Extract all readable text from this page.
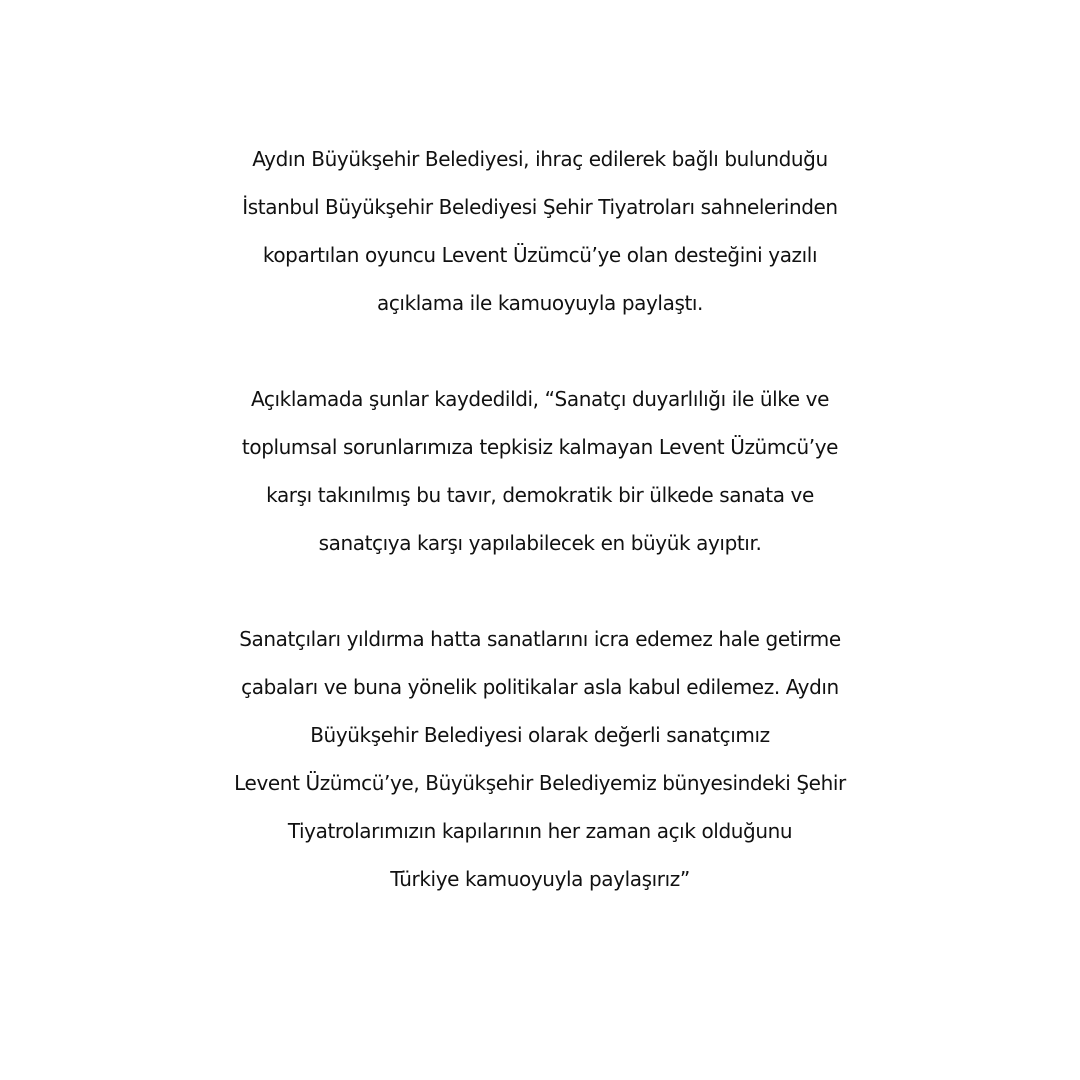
Aydın Büyükşehir Belediyesi, ihraç edilerek bağlı bulunduğu
İstanbul Büyükşehir Belediyesi Şehir Tiyatroları sahnelerinden
kopartılan oyuncu Levent Üzümcü’ye olan desteğini yazılı
açıklama ile kamuoyuyla paylaştı.
Açıklamada şunlar kaydedildi, “Sanatçı duyarlılığı ile ülke ve
toplumsal sorunlarımıza tepkisiz kalmayan Levent Üzümcü’ye
karşı takınılmış bu tavır, demokratik bir ülkede sanata ve
sanatçıya karşı yapılabilecek en büyük ayıptır.
Sanatçıları yıldırma hatta sanatlarını icra edemez hale getirme
çabaları ve buna yönelik politikalar asla kabul edilemez. Aydın
Büyükşehir Belediyesi olarak değerli sanatçımız
Levent Üzümcü’ye, Büyükşehir Belediyemiz bünyesindeki Şehir
Tiyatrolarımızın kapılarının her zaman açık olduğunu
Türkiye kamuoyuyla paylaşırız”
